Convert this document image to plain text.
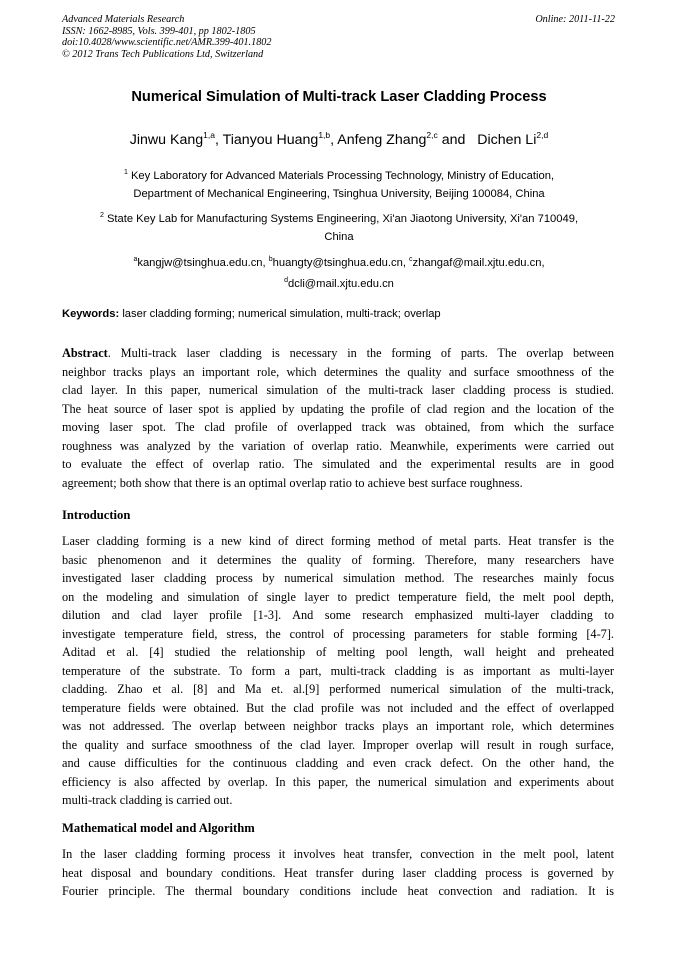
Advanced Materials Research
ISSN: 1662-8985, Vols. 399-401, pp 1802-1805
doi:10.4028/www.scientific.net/AMR.399-401.1802
© 2012 Trans Tech Publications Ltd, Switzerland
Online: 2011-11-22
Numerical Simulation of Multi-track Laser Cladding Process
Jinwu Kang$^{1,a}$, Tianyou Huang$^{1,b}$, Anfeng Zhang$^{2,c}$ and   Dichen Li$^{2,d}$
$^1$ Key Laboratory for Advanced Materials Processing Technology, Ministry of Education,
Department of Mechanical Engineering, Tsinghua University, Beijing 100084, China
$^2$ State Key Lab for Manufacturing Systems Engineering, Xi'an Jiaotong University, Xi'an 710049,
China
$^a$kangjw@tsinghua.edu.cn, $^b$huangty@tsinghua.edu.cn, $^c$zhangaf@mail.xjtu.edu.cn,
$^d$dcli@mail.xjtu.edu.cn
Keywords: laser cladding forming; numerical simulation, multi-track; overlap
Abstract. Multi-track laser cladding is necessary in the forming of parts. The overlap between
neighbor tracks plays an important role, which determines the quality and surface smoothness of the
clad layer. In this paper, numerical simulation of the multi-track laser cladding process is studied.
The heat source of laser spot is applied by updating the profile of clad region and the location of the
moving laser spot. The clad profile of overlapped track was obtained, from which the surface
roughness was analyzed by the variation of overlap ratio. Meanwhile, experiments were carried out
to evaluate the effect of overlap ratio. The simulated and the experimental results are in good
agreement; both show that there is an optimal overlap ratio to achieve best surface roughness.
Introduction
Laser cladding forming is a new kind of direct forming method of metal parts. Heat transfer is the
basic phenomenon and it determines the quality of forming. Therefore, many researchers have
investigated laser cladding process by numerical simulation method. The researches mainly focus
on the modeling and simulation of single layer to predict temperature field, the melt pool depth,
dilution and clad layer profile [1-3]. And some research emphasized multi-layer cladding to
investigate temperature field, stress, the control of processing parameters for stable forming [4-7].
Aditad et al. [4] studied the relationship of melting pool length, wall height and preheated
temperature of the substrate. To form a part, multi-track cladding is as important as multi-layer
cladding. Zhao et al. [8] and Ma et. al.[9] performed numerical simulation of the multi-track,
temperature fields were obtained. But the clad profile was not included and the effect of overlapped
was not addressed. The overlap between neighbor tracks plays an important role, which determines
the quality and surface smoothness of the clad layer. Improper overlap will result in rough surface,
and cause difficulties for the continuous cladding and even crack defect. On the other hand, the
efficiency is also affected by overlap. In this paper, the numerical simulation and experiments about
multi-track cladding is carried out.
Mathematical model and Algorithm
In the laser cladding forming process it involves heat transfer, convection in the melt pool, latent
heat disposal and boundary conditions. Heat transfer during laser cladding process is governed by
Fourier principle. The thermal boundary conditions include heat convection and radiation. It is
